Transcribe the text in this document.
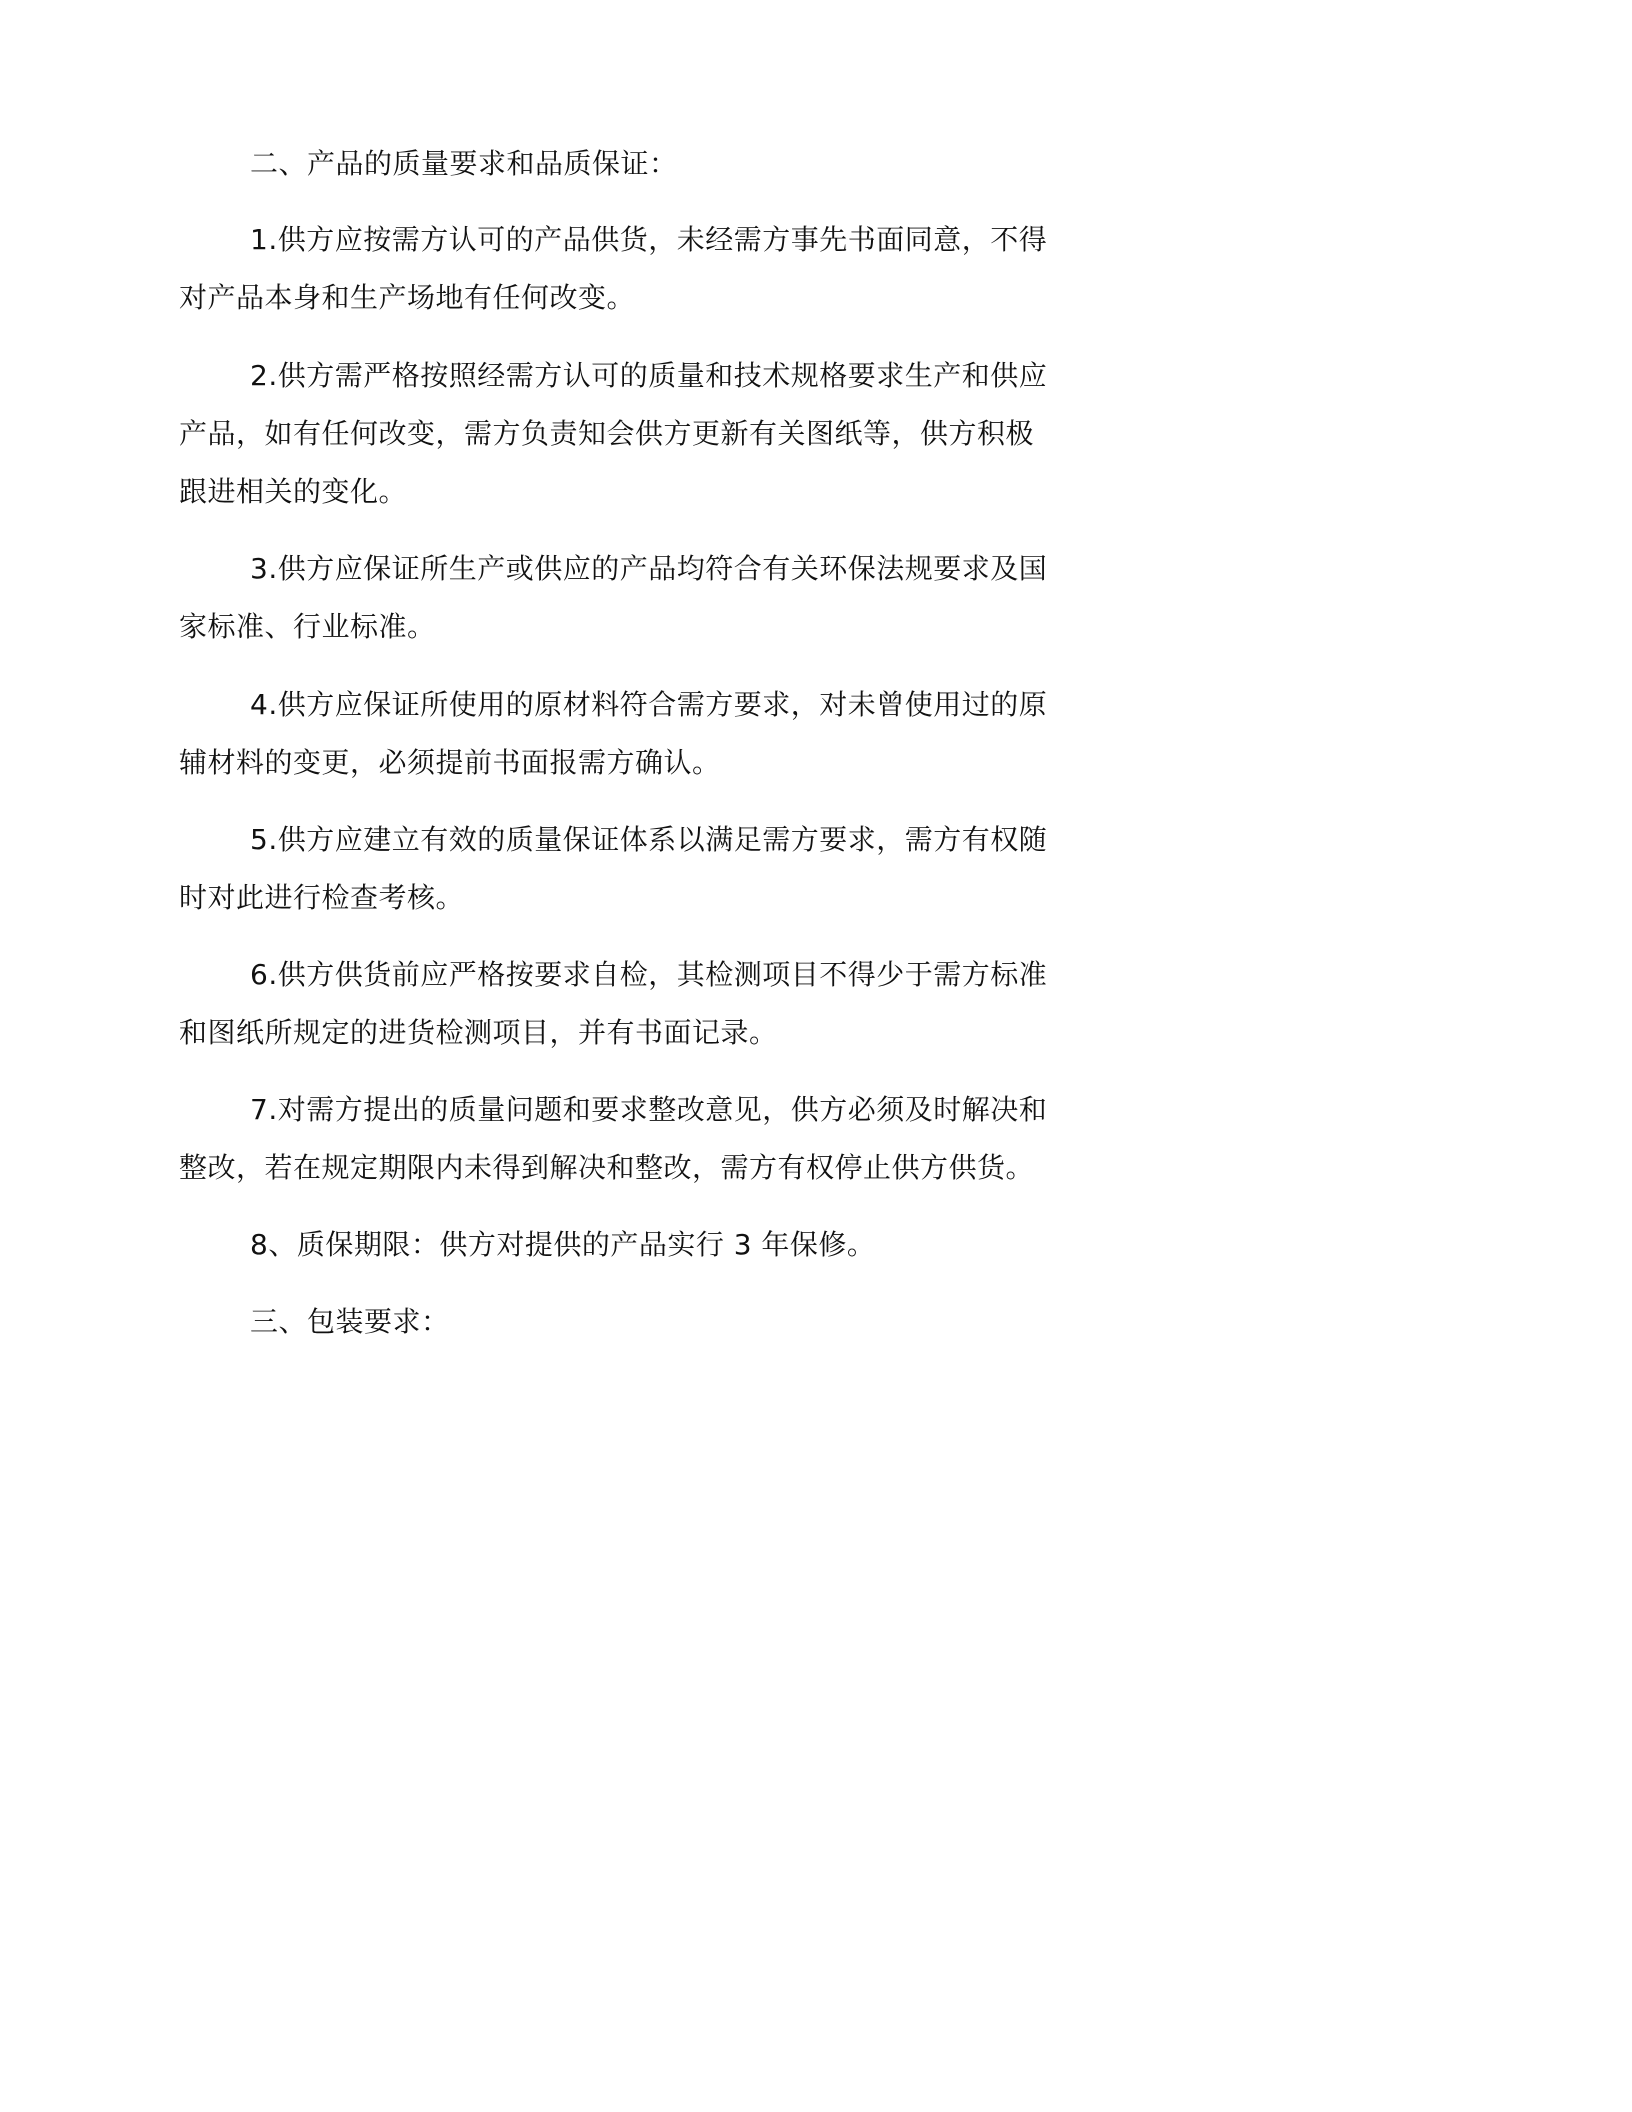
二、产品的质量要求和品质保证：
1.供方应按需方认可的产品供货，未经需方事先书面同意，不得
对产品本身和生产场地有任何改变。
2.供方需严格按照经需方认可的质量和技术规格要求生产和供应
产品，如有任何改变，需方负责知会供方更新有关图纸等，供方积极
跟进相关的变化。
3.供方应保证所生产或供应的产品均符合有关环保法规要求及国
家标准、行业标准。
4.供方应保证所使用的原材料符合需方要求，对未曾使用过的原
辅材料的变更，必须提前书面报需方确认。
5.供方应建立有效的质量保证体系以满足需方要求，需方有权随
时对此进行检查考核。
6.供方供货前应严格按要求自检，其检测项目不得少于需方标准
和图纸所规定的进货检测项目，并有书面记录。
7.对需方提出的质量问题和要求整改意见，供方必须及时解决和
整改，若在规定期限内未得到解决和整改，需方有权停止供方供货。
8、质保期限：供方对提供的产品实行 3 年保修。
三、包装要求：
